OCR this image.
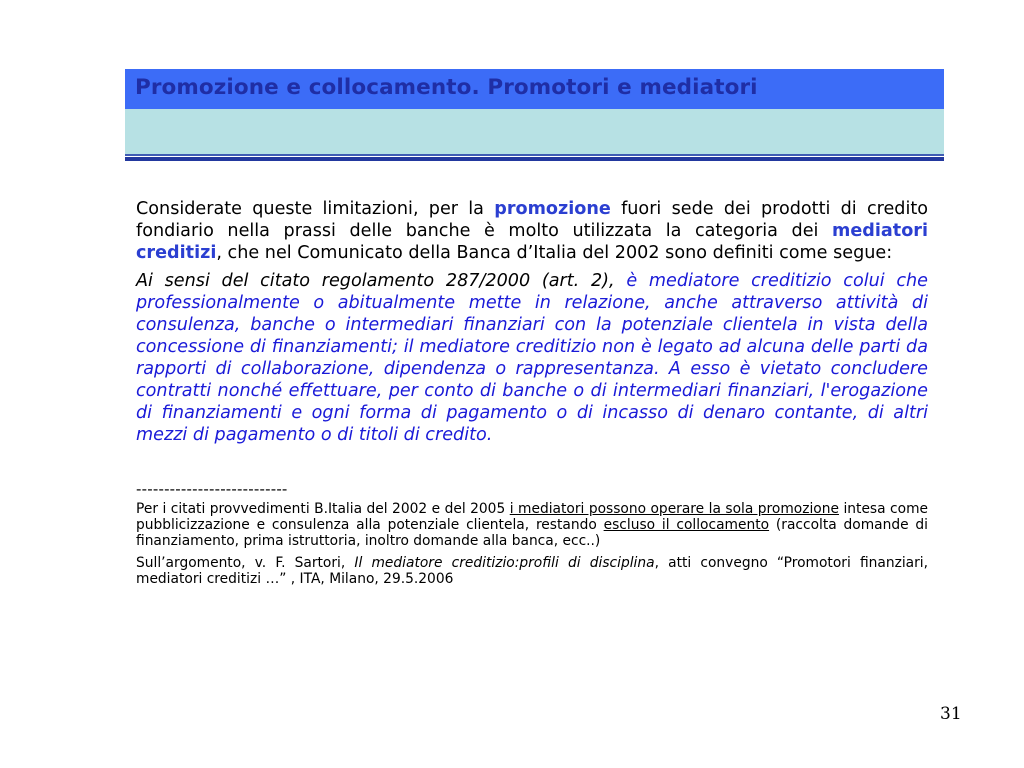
Promozione e collocamento. Promotori e mediatori

Considerate queste limitazioni, per la promozione fuori sede dei prodotti di credito fondiario nella prassi delle banche è molto utilizzata la categoria dei mediatori creditizi, che nel Comunicato della Banca d’Italia del 2002 sono definiti come segue:

Ai sensi del citato regolamento 287/2000 (art. 2), è mediatore creditizio colui che professionalmente o abitualmente mette in relazione, anche attraverso attività di consulenza, banche o intermediari finanziari con la potenziale clientela in vista della concessione di finanziamenti; il mediatore creditizio non è legato ad alcuna delle parti da rapporti di collaborazione, dipendenza o rappresentanza. A esso è vietato concludere contratti nonché effettuare, per conto di banche o di intermediari finanziari, l'erogazione di finanziamenti e ogni forma di pagamento o di incasso di denaro contante, di altri mezzi di pagamento o di titoli di credito.

---------------------------

Per i citati provvedimenti B.Italia del 2002 e del 2005 i mediatori possono operare la sola promozione intesa come pubblicizzazione e consulenza alla potenziale clientela, restando escluso il collocamento (raccolta domande di finanziamento, prima istruttoria, inoltro domande alla banca, ecc..)

Sull’argomento, v. F. Sartori, Il mediatore creditizio:profili di disciplina, atti convegno “Promotori finanziari, mediatori creditizi …” , ITA, Milano, 29.5.2006

31
